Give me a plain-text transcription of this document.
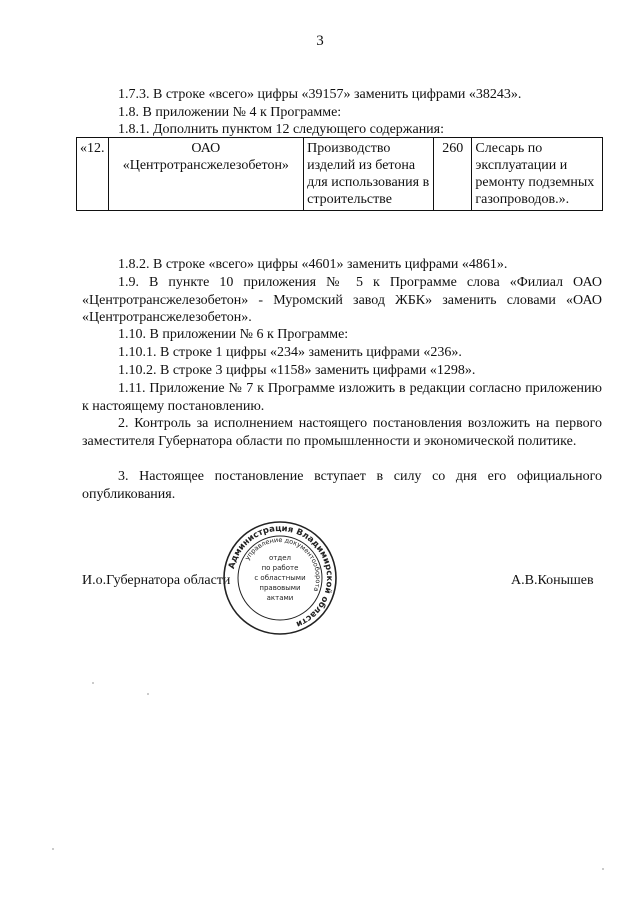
3
1.7.3. В строке «всего» цифры «39157» заменить цифрами «38243».
1.8. В приложении № 4 к Программе:
1.8.1. Дополнить пунктом 12 следующего содержания:
«12.	ОАО «Центротрансжелезобетон»	Производство изделий из бетона для использования в строительстве	260	Слесарь по эксплуатации и ремонту подземных газопроводов.».
1.8.2. В строке «всего» цифры «4601» заменить цифрами «4861».
1.9. В пункте 10 приложения № 5 к Программе слова «Филиал ОАО «Центротрансжелезобетон» - Муромский завод ЖБК» заменить словами «ОАО «Центротрансжелезобетон».
1.10. В приложении № 6 к Программе:
1.10.1. В строке 1 цифры «234» заменить цифрами «236».
1.10.2. В строке 3 цифры «1158» заменить цифрами «1298».
1.11. Приложение № 7 к Программе изложить в редакции согласно приложению к настоящему постановлению.
2. Контроль за исполнением настоящего постановления возложить на первого заместителя Губернатора области по промышленности и экономической политике.
3. Настоящее постановление вступает в силу со дня его официального опубликования.
И.о.Губернатора области	А.В.Конышев
Администрация Владимирской области
управление документооборота
отдел
по работе
с областными
правовыми
актами
